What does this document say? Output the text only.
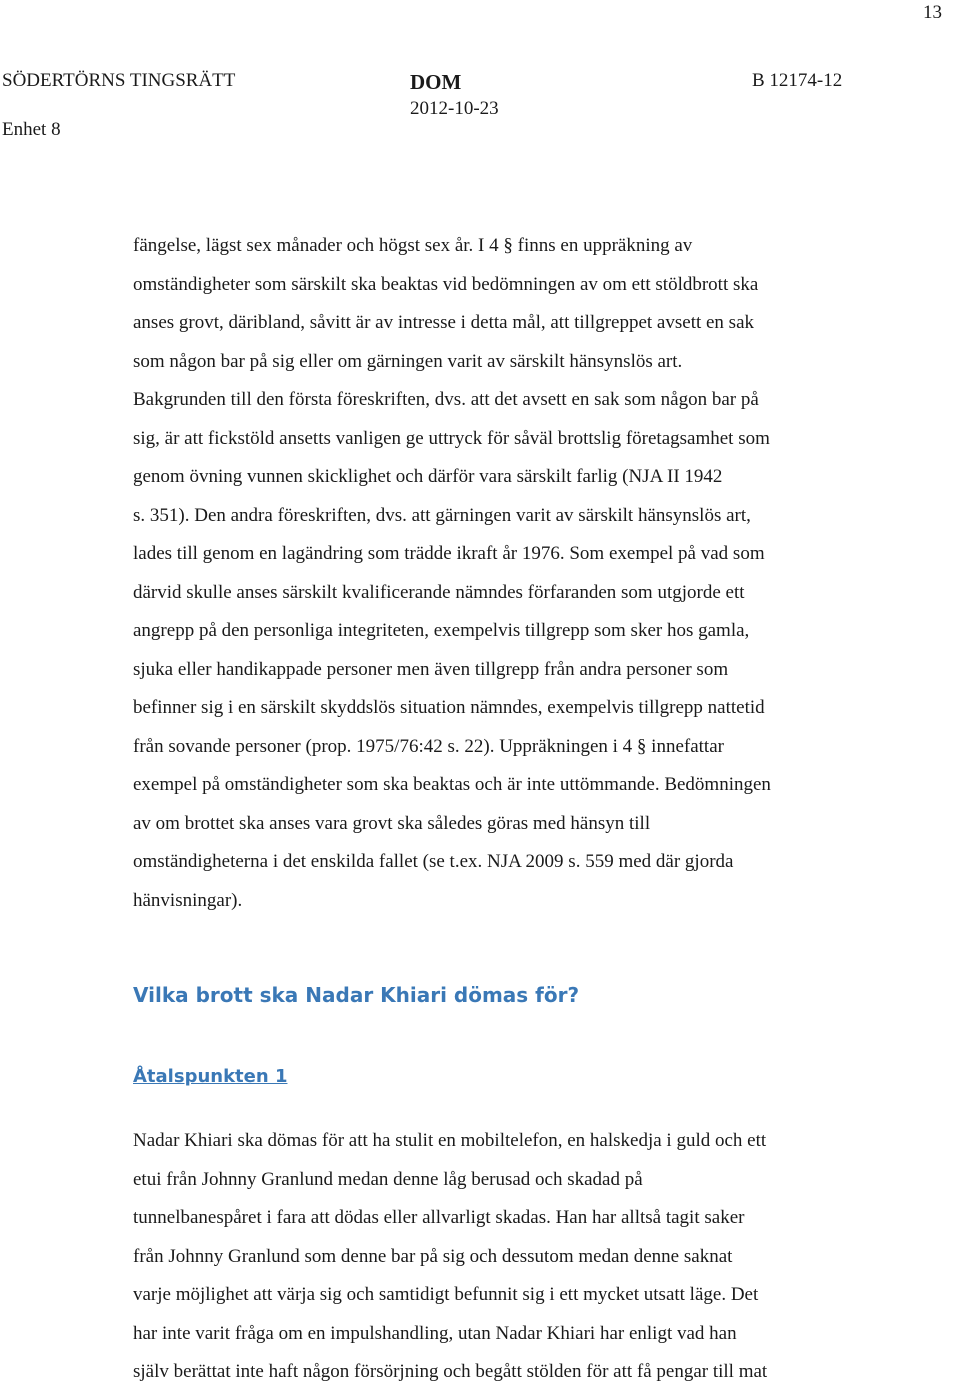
13
SÖDERTÖRNS TINGSRÄTT
Enhet 8
DOM
2012-10-23
B 12174-12
fängelse, lägst sex månader och högst sex år. I 4 § finns en uppräkning av
omständigheter som särskilt ska beaktas vid bedömningen av om ett stöldbrott ska
anses grovt, däribland, såvitt är av intresse i detta mål, att tillgreppet avsett en sak
som någon bar på sig eller om gärningen varit av särskilt hänsynslös art.
Bakgrunden till den första föreskriften, dvs. att det avsett en sak som någon bar på
sig, är att fickstöld ansetts vanligen ge uttryck för såväl brottslig företagsamhet som
genom övning vunnen skicklighet och därför vara särskilt farlig (NJA II 1942
s. 351). Den andra föreskriften, dvs. att gärningen varit av särskilt hänsynslös art,
lades till genom en lagändring som trädde ikraft år 1976. Som exempel på vad som
därvid skulle anses särskilt kvalificerande nämndes förfaranden som utgjorde ett
angrepp på den personliga integriteten, exempelvis tillgrepp som sker hos gamla,
sjuka eller handikappade personer men även tillgrepp från andra personer som
befinner sig i en särskilt skyddslös situation nämndes, exempelvis tillgrepp nattetid
från sovande personer (prop. 1975/76:42 s. 22). Uppräkningen i 4 § innefattar
exempel på omständigheter som ska beaktas och är inte uttömmande. Bedömningen
av om brottet ska anses vara grovt ska således göras med hänsyn till
omständigheterna i det enskilda fallet (se t.ex. NJA 2009 s. 559 med där gjorda
hänvisningar).
Vilka brott ska Nadar Khiari dömas för?
Åtalspunkten 1
Nadar Khiari ska dömas för att ha stulit en mobiltelefon, en halskedja i guld och ett
etui från Johnny Granlund medan denne låg berusad och skadad på
tunnelbanespåret i fara att dödas eller allvarligt skadas. Han har alltså tagit saker
från Johnny Granlund som denne bar på sig och dessutom medan denne saknat
varje möjlighet att värja sig och samtidigt befunnit sig i ett mycket utsatt läge. Det
har inte varit fråga om en impulshandling, utan Nadar Khiari har enligt vad han
själv berättat inte haft någon försörjning och begått stölden för att få pengar till mat
